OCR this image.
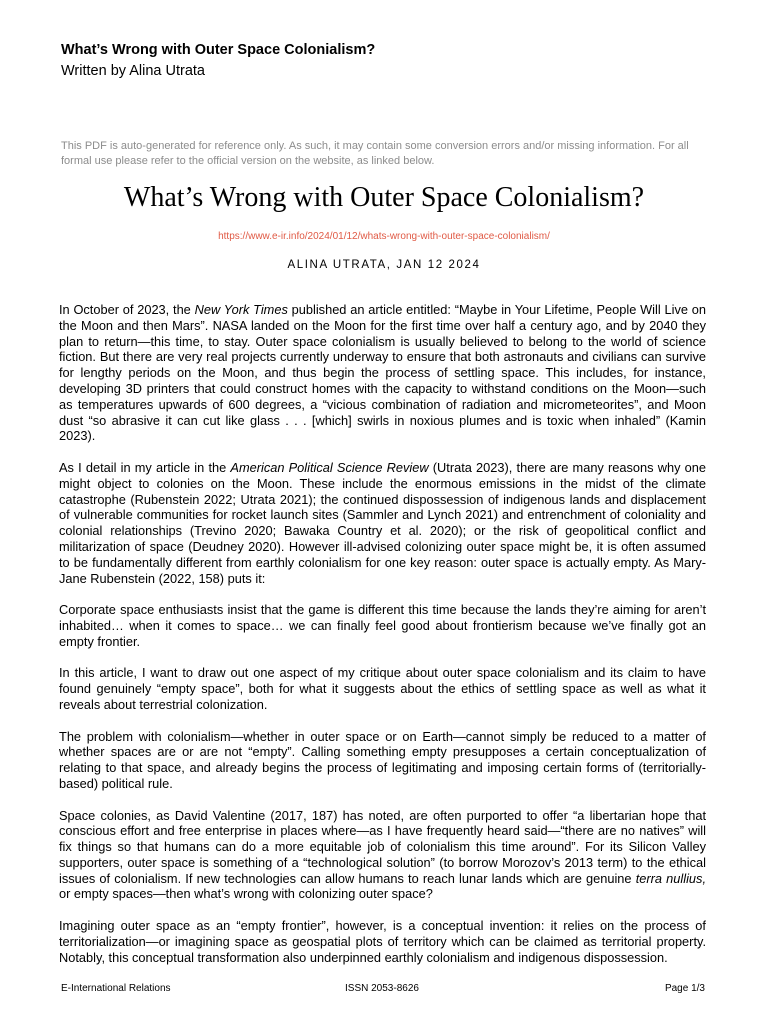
What’s Wrong with Outer Space Colonialism?
Written by Alina Utrata
This PDF is auto-generated for reference only. As such, it may contain some conversion errors and/or missing information. For all formal use please refer to the official version on the website, as linked below.
What’s Wrong with Outer Space Colonialism?
https://www.e-ir.info/2024/01/12/whats-wrong-with-outer-space-colonialism/
ALINA UTRATA, JAN 12 2024

In October of 2023, the New York Times published an article entitled: “Maybe in Your Lifetime, People Will Live on the Moon and then Mars”. NASA landed on the Moon for the first time over half a century ago, and by 2040 they plan to return—this time, to stay. Outer space colonialism is usually believed to belong to the world of science fiction. But there are very real projects currently underway to ensure that both astronauts and civilians can survive for lengthy periods on the Moon, and thus begin the process of settling space. This includes, for instance, developing 3D printers that could construct homes with the capacity to withstand conditions on the Moon—such as temperatures upwards of 600 degrees, a “vicious combination of radiation and micrometeorites”, and Moon dust “so abrasive it can cut like glass . . . [which] swirls in noxious plumes and is toxic when inhaled” (Kamin 2023).

As I detail in my article in the American Political Science Review (Utrata 2023), there are many reasons why one might object to colonies on the Moon. These include the enormous emissions in the midst of the climate catastrophe (Rubenstein 2022; Utrata 2021); the continued dispossession of indigenous lands and displacement of vulnerable communities for rocket launch sites (Sammler and Lynch 2021) and entrenchment of coloniality and colonial relationships (Trevino 2020; Bawaka Country et al. 2020); or the risk of geopolitical conflict and militarization of space (Deudney 2020). However ill-advised colonizing outer space might be, it is often assumed to be fundamentally different from earthly colonialism for one key reason: outer space is actually empty. As Mary-Jane Rubenstein (2022, 158) puts it:

Corporate space enthusiasts insist that the game is different this time because the lands they’re aiming for aren’t inhabited… when it comes to space… we can finally feel good about frontierism because we’ve finally got an empty frontier.

In this article, I want to draw out one aspect of my critique about outer space colonialism and its claim to have found genuinely “empty space”, both for what it suggests about the ethics of settling space as well as what it reveals about terrestrial colonization.

The problem with colonialism—whether in outer space or on Earth—cannot simply be reduced to a matter of whether spaces are or are not “empty”. Calling something empty presupposes a certain conceptualization of relating to that space, and already begins the process of legitimating and imposing certain forms of (territorially-based) political rule.

Space colonies, as David Valentine (2017, 187) has noted, are often purported to offer “a libertarian hope that conscious effort and free enterprise in places where—as I have frequently heard said—“there are no natives” will fix things so that humans can do a more equitable job of colonialism this time around”. For its Silicon Valley supporters, outer space is something of a “technological solution” (to borrow Morozov’s 2013 term) to the ethical issues of colonialism. If new technologies can allow humans to reach lunar lands which are genuine terra nullius, or empty spaces—then what’s wrong with colonizing outer space?

Imagining outer space as an “empty frontier”, however, is a conceptual invention: it relies on the process of territorialization—or imagining space as geospatial plots of territory which can be claimed as territorial property. Notably, this conceptual transformation also underpinned earthly colonialism and indigenous dispossession.

E-International Relations	ISSN 2053-8626	Page 1/3
